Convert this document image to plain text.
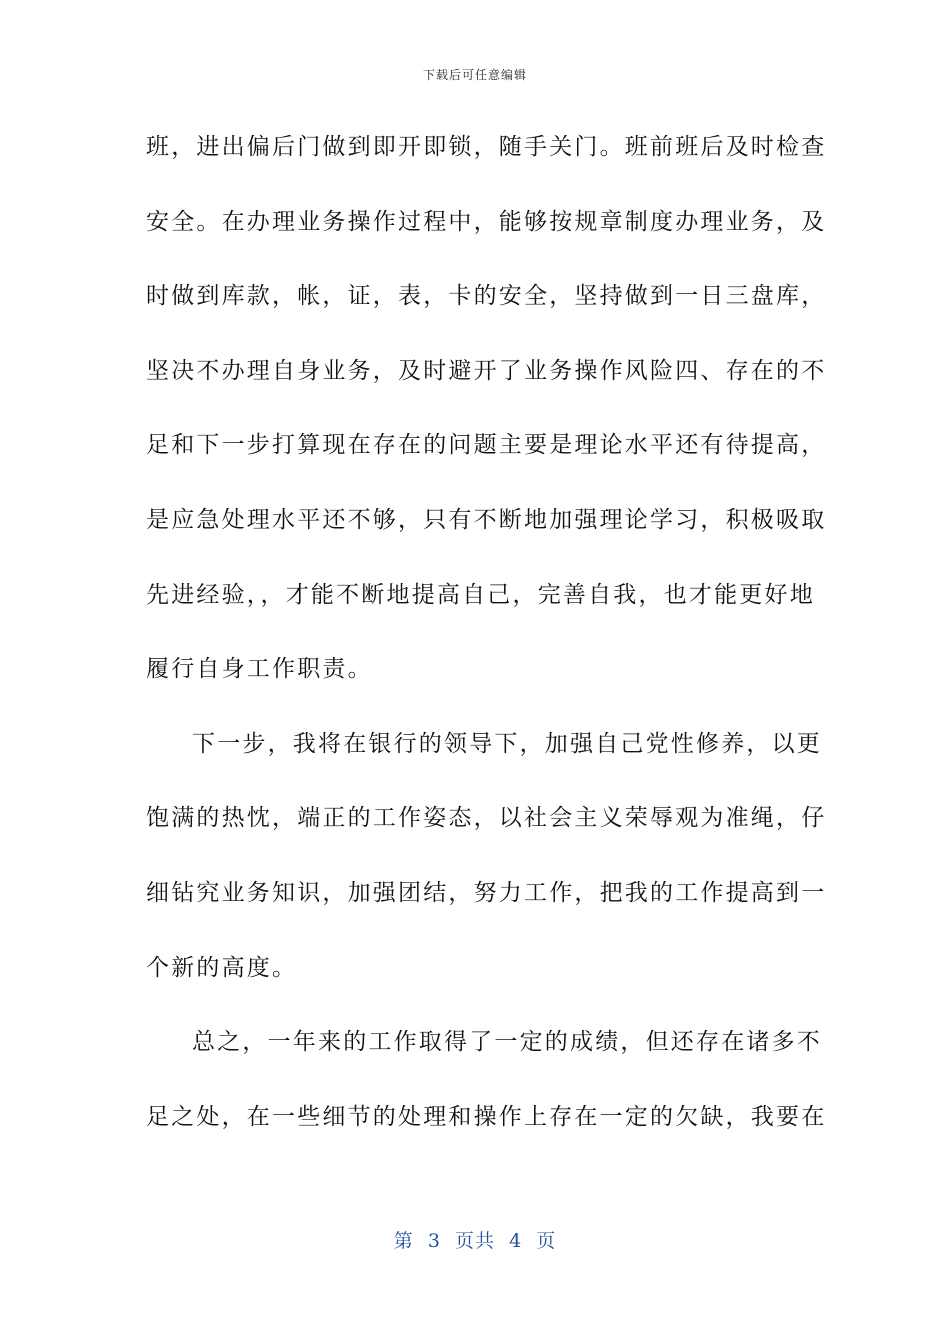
下载后可任意编辑
班，进出偏后门做到即开即锁，随手关门。班前班后及时检查
安全。在办理业务操作过程中，能够按规章制度办理业务，及
时做到库款，帐，证，表，卡的安全，坚持做到一日三盘库，
坚决不办理自身业务，及时避开了业务操作风险四、存在的不
足和下一步打算现在存在的问题主要是理论水平还有待提高，
是应急处理水平还不够，只有不断地加强理论学习，积极吸取
先进经验，，才能不断地提高自己，完善自我，也才能更好地
履行自身工作职责。
下一步，我将在银行的领导下，加强自己党性修养，以更
饱满的热忱，端正的工作姿态，以社会主义荣辱观为准绳，仔
细钻究业务知识，加强团结，努力工作，把我的工作提高到一
个新的高度。
总之，一年来的工作取得了一定的成绩，但还存在诸多不
足之处，在一些细节的处理和操作上存在一定的欠缺，我要在
第  3  页共  4  页
